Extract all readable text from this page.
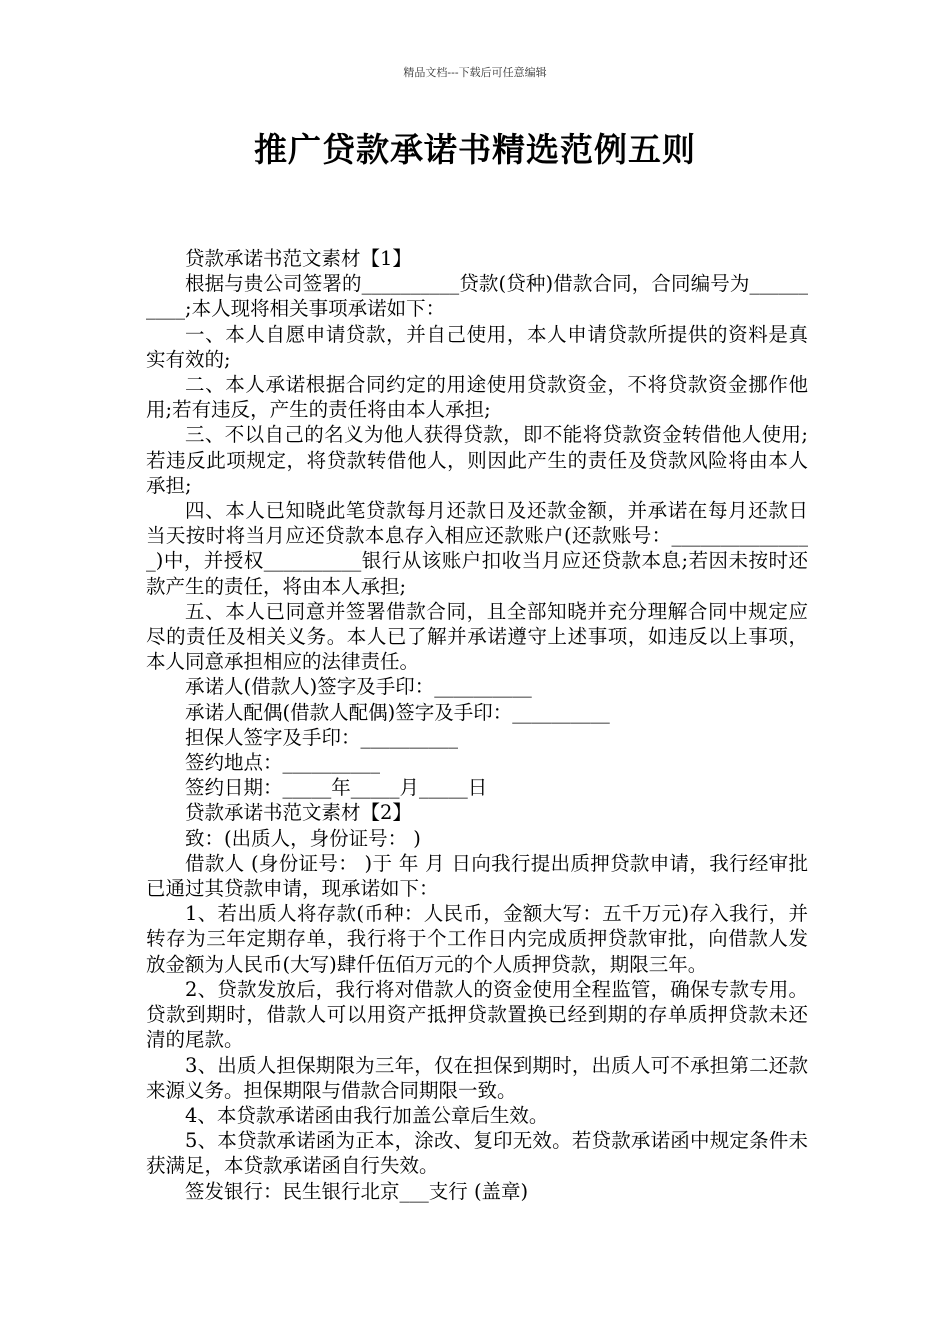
精品文档---下载后可任意编辑
推广贷款承诺书精选范例五则

贷款承诺书范文素材【1】

根据与贵公司签署的__________贷款(贷种)借款合同，合同编号为__________;本人现将相关事项承诺如下：

一、本人自愿申请贷款，并自己使用，本人申请贷款所提供的资料是真实有效的;

二、本人承诺根据合同约定的用途使用贷款资金，不将贷款资金挪作他用;若有违反，产生的责任将由本人承担;

三、不以自己的名义为他人获得贷款，即不能将贷款资金转借他人使用;若违反此项规定，将贷款转借他人，则因此产生的责任及贷款风险将由本人承担;

四、本人已知晓此笔贷款每月还款日及还款金额，并承诺在每月还款日当天按时将当月应还贷款本息存入相应还款账户(还款账号：_______________)中，并授权__________银行从该账户扣收当月应还贷款本息;若因未按时还款产生的责任，将由本人承担;

五、本人已同意并签署借款合同，且全部知晓并充分理解合同中规定应尽的责任及相关义务。本人已了解并承诺遵守上述事项，如违反以上事项，本人同意承担相应的法律责任。

承诺人(借款人)签字及手印：__________

承诺人配偶(借款人配偶)签字及手印：__________

担保人签字及手印：__________

签约地点：__________

签约日期：_____年_____月_____日

贷款承诺书范文素材【2】

致：(出质人，身份证号： )

借款人 (身份证号： )于 年 月 日向我行提出质押贷款申请，我行经审批已通过其贷款申请，现承诺如下：

1、若出质人将存款(币种：人民币，金额大写：五千万元)存入我行，并转存为三年定期存单，我行将于个工作日内完成质押贷款审批，向借款人发放金额为人民币(大写)肆仟伍佰万元的个人质押贷款，期限三年。

2、贷款发放后，我行将对借款人的资金使用全程监管，确保专款专用。贷款到期时，借款人可以用资产抵押贷款置换已经到期的存单质押贷款未还清的尾款。

3、出质人担保期限为三年，仅在担保到期时，出质人可不承担第二还款来源义务。担保期限与借款合同期限一致。

4、本贷款承诺函由我行加盖公章后生效。

5、本贷款承诺函为正本，涂改、复印无效。若贷款承诺函中规定条件未获满足，本贷款承诺函自行失效。

签发银行：民生银行北京___支行 (盖章)
